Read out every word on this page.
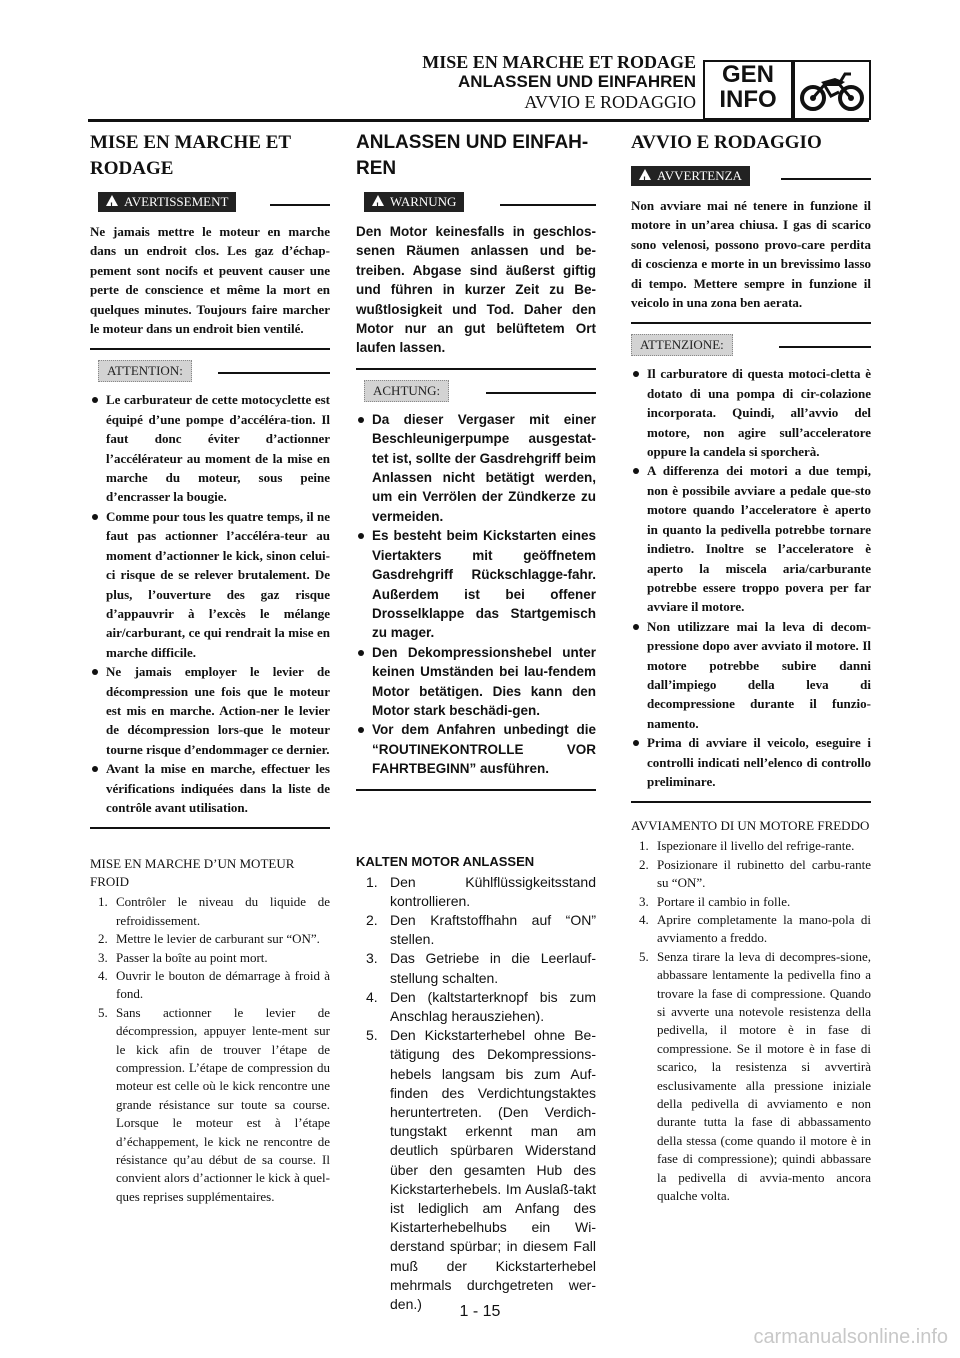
MISE EN MARCHE ET RODAGE
ANLASSEN UND EINFAHREN
AVVIO E RODAGGIO
GEN
INFO
MISE EN MARCHE ET RODAGE
!
AVERTISSEMENT

Ne jamais mettre le moteur en marche dans un endroit clos. Les gaz d’échap-pement sont nocifs et peuvent causer une perte de conscience et même la mort en quelques minutes. Toujours faire marcher le moteur dans un endroit bien ventilé.

ATTENTION:
Le carburateur de cette motocyclette est équipé d’une pompe d’accéléra-tion. Il faut donc éviter d’actionner l’accélérateur au moment de la mise en marche du moteur, sous peine d’encrasser la bougie.
Comme pour tous les quatre temps, il ne faut pas actionner l’accéléra-teur au moment d’actionner le kick, sinon celui-ci risque de se relever brutalement. De plus, l’ouverture des gaz risque d’appauvrir à l’excès le mélange air/carburant, ce qui rendrait la mise en marche difficile.
Ne jamais employer le levier de décompression une fois que le moteur est mis en marche. Action-ner le levier de décompression lors-que le moteur tourne risque d’endommager ce dernier.
Avant la mise en marche, effectuer les vérifications indiquées dans la liste de contrôle avant utilisation.
MISE EN MARCHE D’UN MOTEUR FROID
1. Contrôler le niveau du liquide de refroidissement.
2. Mettre le levier de carburant sur “ON”.
3. Passer la boîte au point mort.
4. Ouvrir le bouton de démarrage à froid à fond.
5. Sans actionner le levier de décompression, appuyer lente-ment sur le kick afin de trouver l’étape de compression. L’étape de compression du moteur est celle où le kick rencontre une grande résistance sur toute sa course. Lorsque le moteur est à l’étape d’échappement, le kick ne rencontre de résistance qu’au début de sa course. Il convient alors d’actionner le kick à quel-ques reprises supplémentaires.
ANLASSEN UND EINFAH-REN
!
WARNUNG

Den Motor keinesfalls in geschlos-senen Räumen anlassen und be-treiben. Abgase sind äußerst giftig und führen in kurzer Zeit zu Be-wußtlosigkeit und Tod. Daher den Motor nur an gut belüftetem Ort laufen lassen.

ACHTUNG:
Da dieser Vergaser mit einer Beschleunigerpumpe ausgestat-tet ist, sollte der Gasdrehgriff beim Anlassen nicht betätigt werden, um ein Verrölen der Zündkerze zu vermeiden.
Es besteht beim Kickstarten eines Viertakters mit geöffnetem Gasdrehgriff Rückschlagge-fahr. Außerdem ist bei offener Drosselklappe das Startgemisch zu mager.
Den Dekompressionshebel unter keinen Umständen bei lau-fendem Motor betätigen. Dies kann den Motor stark beschädi-gen.
Vor dem Anfahren unbedingt die “ROUTINEKONTROLLE VOR FAHRTBEGINN” ausführen.
KALTEN MOTOR ANLASSEN
1. Den Kühlflüssigkeitsstand kontrollieren.
2. Den Kraftstoffhahn auf “ON” stellen.
3. Das Getriebe in die Leerlauf-stellung schalten.
4. Den (kaltstarterknopf bis zum Anschlag herausziehen).
5. Den Kickstarterhebel ohne Be-tätigung des Dekompressions-hebels langsam bis zum Auf-finden des Verdichtungstaktes heruntertreten. (Den Verdich-tungstakt erkennt man am deutlich spürbaren Widerstand über den gesamten Hub des Kickstarterhebels. Im Auslaß-takt ist lediglich am Anfang des Kistarterhebelhubs ein Wi-derstand spürbar; in diesem Fall muß der Kickstarterhebel mehrmals durchgetreten wer-den.)
AVVIO E RODAGGIO
!
AVVERTENZA

Non avviare mai né tenere in funzione il motore in un’area chiusa. I gas di scarico sono velenosi, possono provo-care perdita di coscienza e morte in un brevissimo lasso di tempo. Mettere sempre in funzione il veicolo in una zona ben aerata.

ATTENZIONE:
Il carburatore di questa motoci-cletta è dotato di una pompa di cir-colazione incorporata. Quindi, all’avvio del motore, non agire sull’acceleratore oppure la candela si sporcherà.
A differenza dei motori a due tempi, non è possibile avviare a pedale que-sto motore quando l’acceleratore è aperto in quanto la pedivella potrebbe tornare indietro. Inoltre se l’acceleratore è aperto la miscela aria/carburante potrebbe essere troppo povera per far avviare il motore.
Non utilizzare mai la leva di decom-pressione dopo aver avviato il motore. Il motore potrebbe subire danni dall’impiego della leva di decompressione durante il funzio-namento.
Prima di avviare il veicolo, eseguire i controlli indicati nell’elenco di controllo preliminare.
AVVIAMENTO DI UN MOTORE FREDDO
1. Ispezionare il livello del refrige-rante.
2. Posizionare il rubinetto del carbu-rante su “ON”.
3. Portare il cambio in folle.
4. Aprire completamente la mano-pola di avviamento a freddo.
5. Senza tirare la leva di decompres-sione, abbassare lentamente la pedivella fino a trovare la fase di compressione. Quando si avverte una notevole resistenza della pedivella, il motore è in fase di compressione. Se il motore è in fase di scarico, la resistenza si avvertirà esclusivamente alla pressione iniziale della pedivella di avviamento e non durante tutta la fase di abbassamento della stessa (come quando il motore è in fase di compressione); quindi abbassare la pedivella di avvia-mento ancora qualche volta.
1 - 15
carmanualsonline.info
